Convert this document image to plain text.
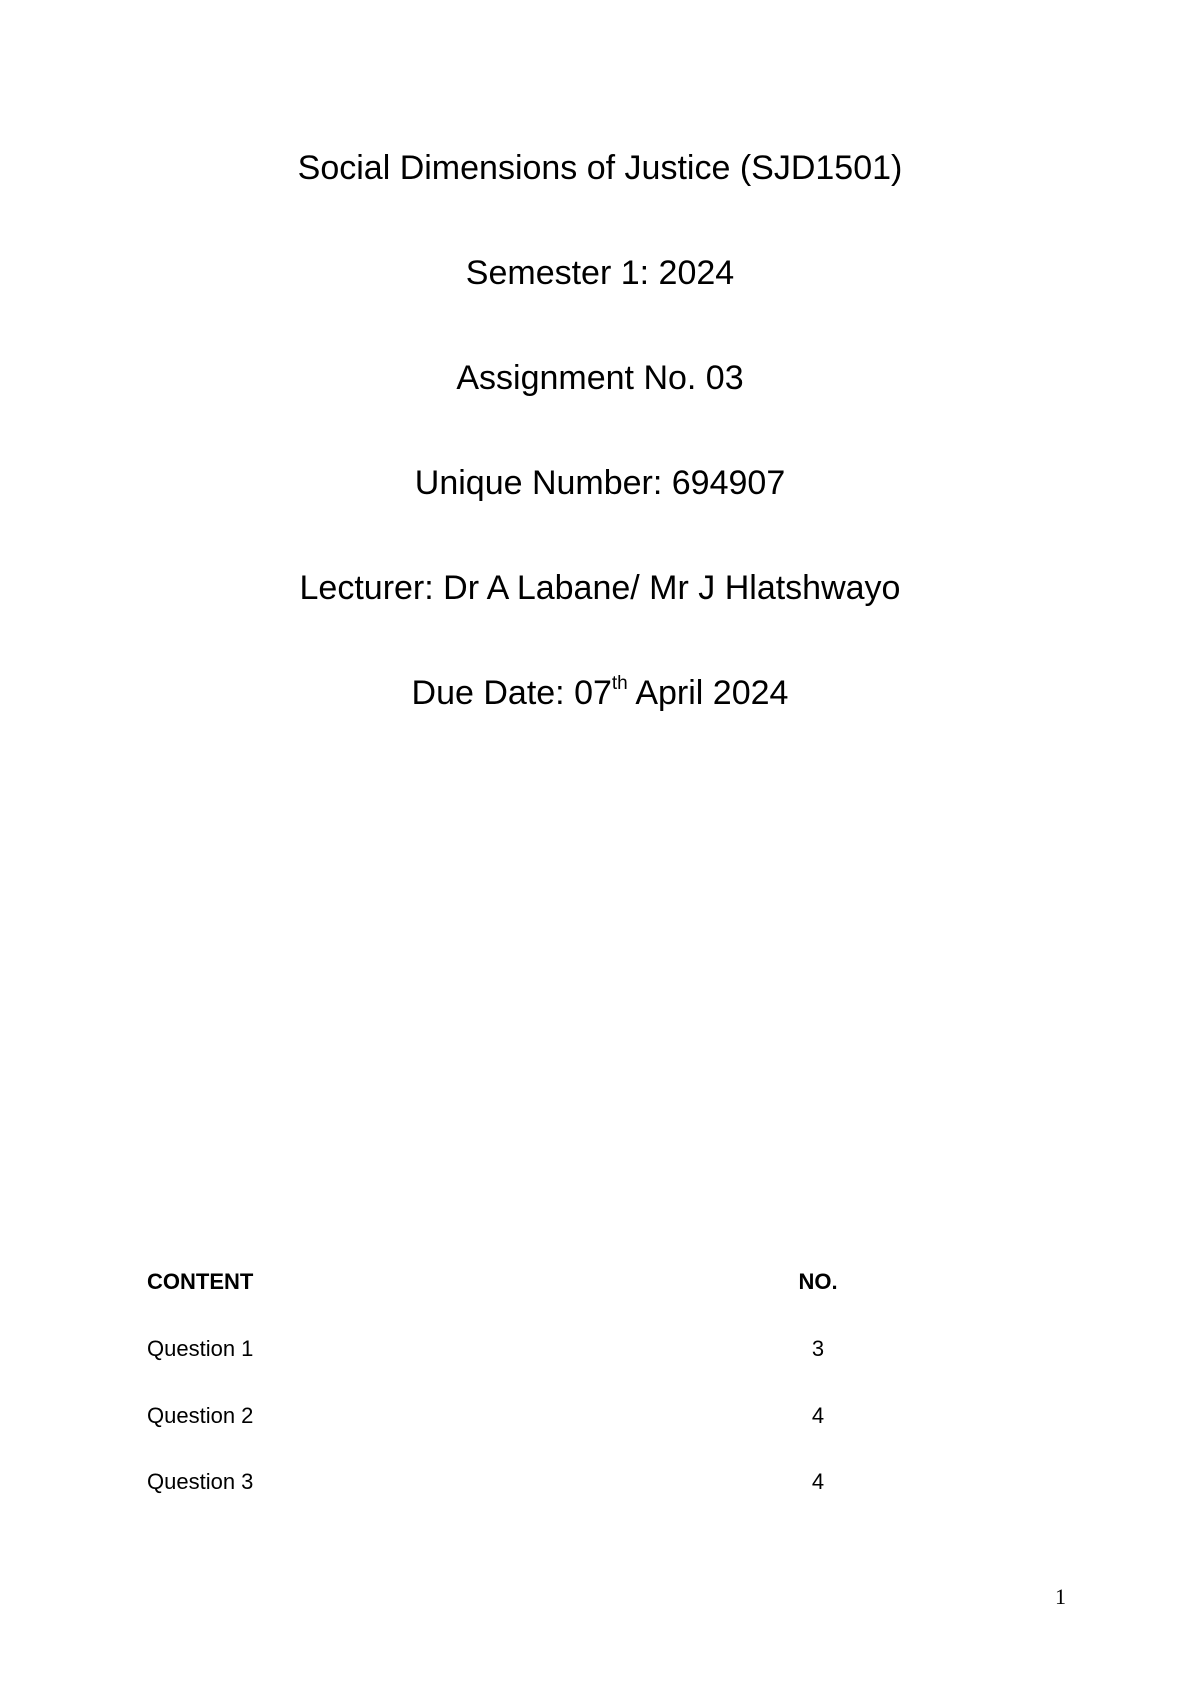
Social Dimensions of Justice (SJD1501)
Semester 1: 2024
Assignment No. 03
Unique Number: 694907
Lecturer: Dr A Labane/ Mr J Hlatshwayo
Due Date: 07th April 2024
CONTENT	NO.
Question 1	3
Question 2	4
Question 3	4
1
